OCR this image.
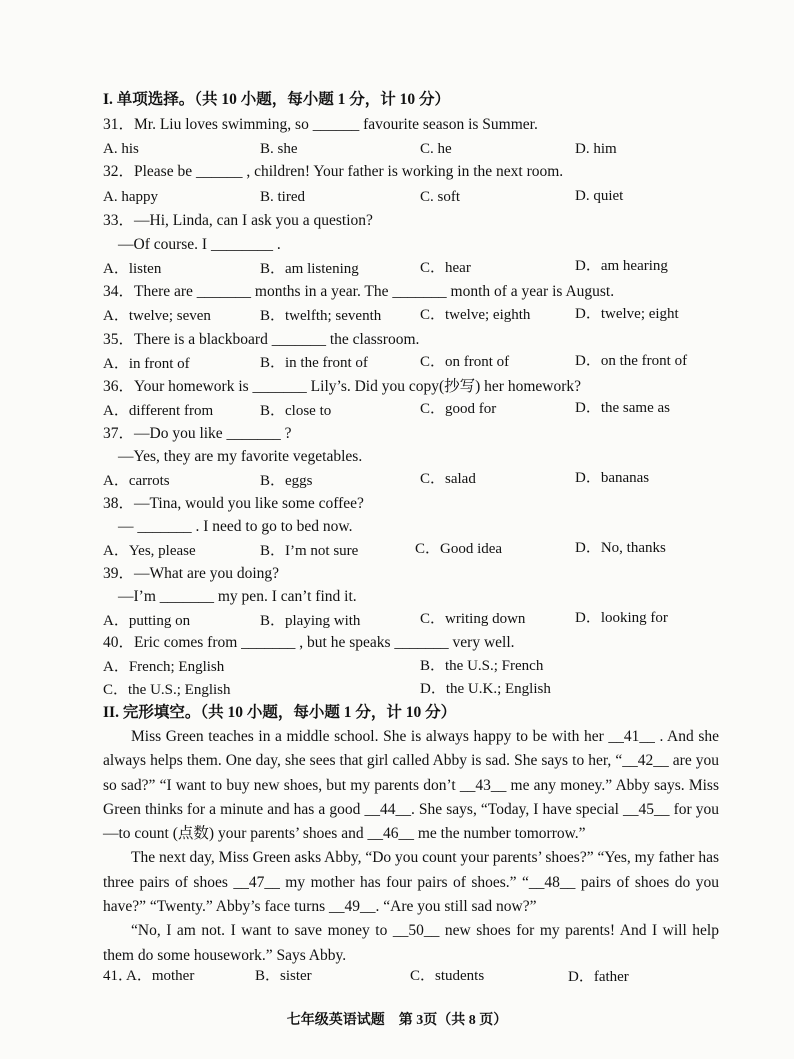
I. 单项选择。（共 10 小题，每小题 1 分，计 10 分）
31．Mr. Liu loves swimming, so ______ favourite season is Summer.
A. his	B. she	C. he	D. him
32．Please be ______ , children! Your father is working in the next room.
A. happy	B. tired	C. soft	D. quiet
33．—Hi, Linda, can I ask you a question?
—Of course. I ________ .
A．listen	B．am listening	C．hear	D．am hearing
34．There are _______ months in a year. The _______ month of a year is August.
A．twelve; seven	B．twelfth; seventh	C．twelve; eighth	D．twelve; eight
35．There is a blackboard _______ the classroom.
A．in front of	B．in the front of	C．on front of	D．on the front of
36．Your homework is _______ Lily’s. Did you copy(抄写) her homework?
A．different from	B．close to	C．good for	D．the same as
37．—Do you like _______ ?
—Yes, they are my favorite vegetables.
A．carrots	B．eggs	C．salad	D．bananas
38．—Tina, would you like some coffee?
— _______ . I need to go to bed now.
A．Yes, please	B．I’m not sure	C．Good idea	D．No, thanks
39．—What are you doing?
—I’m _______ my pen. I can’t find it.
A．putting on	B．playing with	C．writing down	D．looking for
40．Eric comes from _______ , but he speaks _______ very well.
A．French; English	B．the U.S.; French
C．the U.S.; English	D．the U.K.; English
II. 完形填空。（共 10 小题，每小题 1 分，计 10 分）

Miss Green teaches in a middle school. She is always happy to be with her __41__ . And she always helps them. One day, she sees that girl called Abby is sad. She says to her, “__42__ are you so sad?” “I want to buy new shoes, but my parents don’t __43__ me any money.” Abby says. Miss Green thinks for a minute and has a good __44__. She says, “Today, I have special __45__ for you—to count (点数) your parents’ shoes and __46__ me the number tomorrow.”

The next day, Miss Green asks Abby, “Do you count your parents’ shoes?” “Yes, my father has three pairs of shoes __47__ my mother has four pairs of shoes.” “__48__ pairs of shoes do you have?” “Twenty.” Abby’s face turns __49__. “Are you still sad now?”

“No, I am not. I want to save money to __50__ new shoes for my parents! And I will help them do some housework.” Says Abby.

41．
A．mother	B．sister	C．students	D．father
七年级英语试题　第 3页（共 8 页）
